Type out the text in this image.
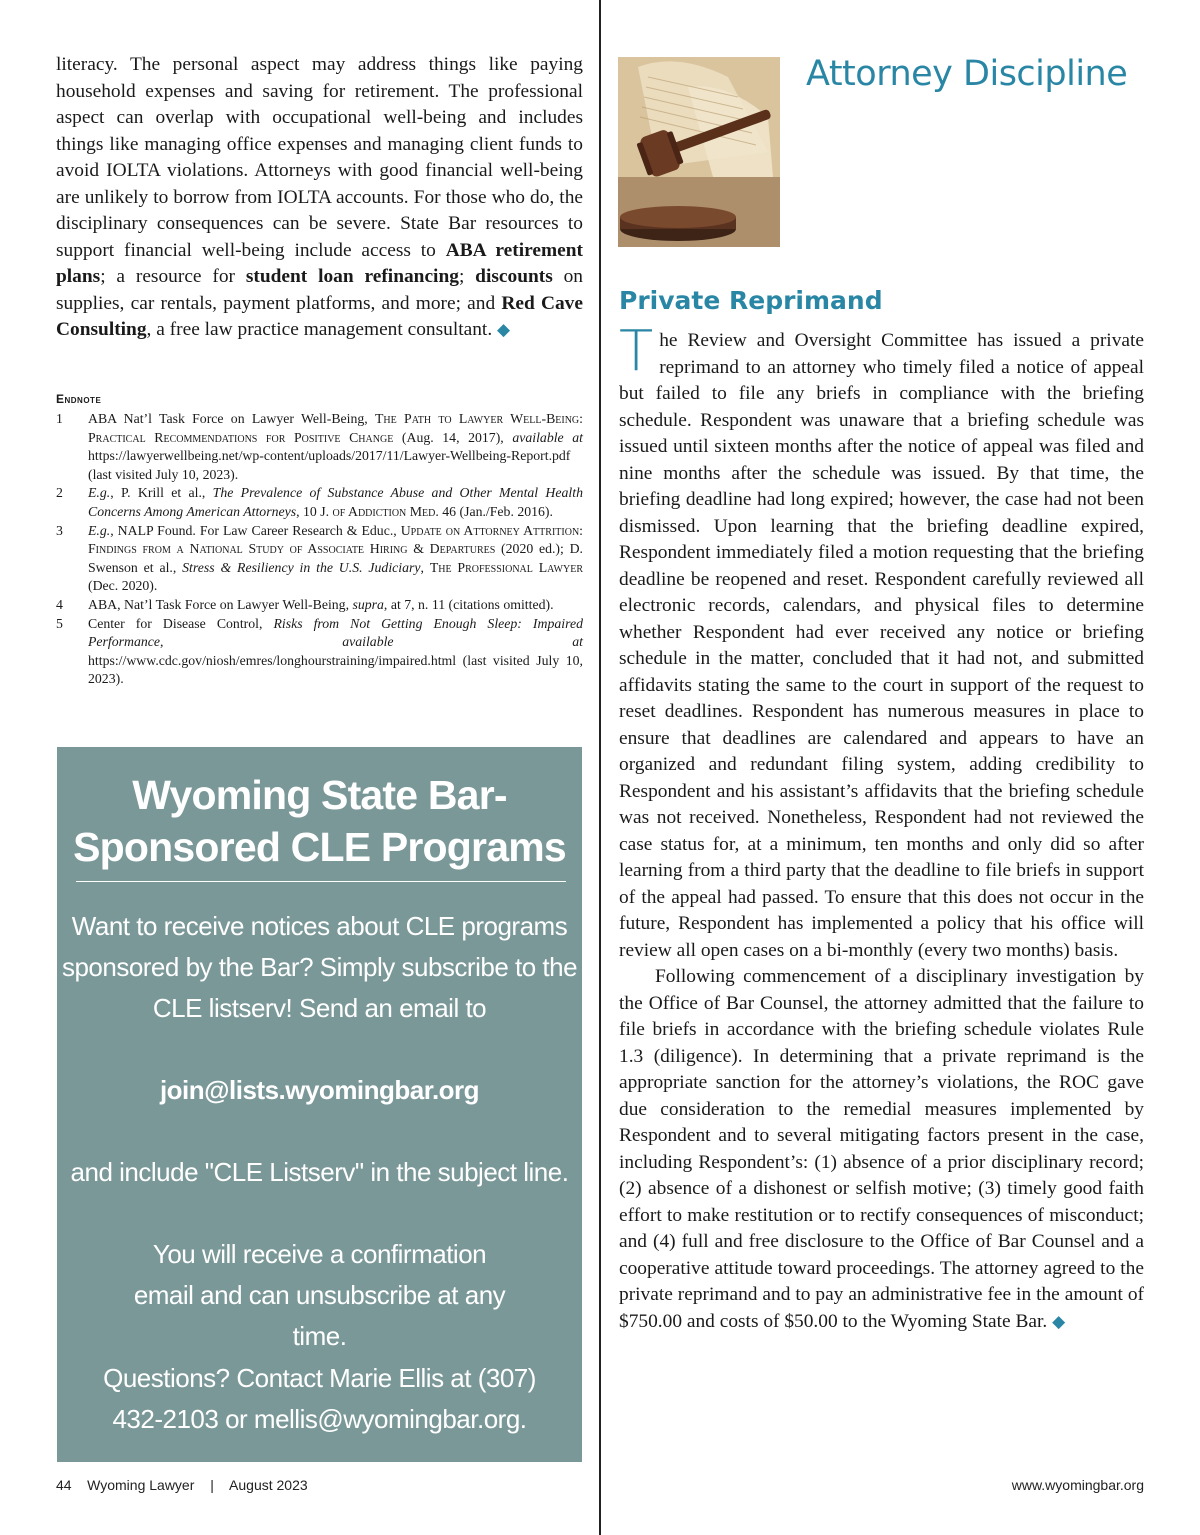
literacy. The personal aspect may address things like paying household expenses and saving for retirement. The professional aspect can overlap with occupational well-being and includes things like managing office expenses and managing client funds to avoid IOLTA violations. Attorneys with good financial well-being are unlikely to borrow from IOLTA accounts. For those who do, the disciplinary consequences can be severe. State Bar resources to support financial well-being include access to ABA retirement plans; a resource for student loan refinancing; discounts on supplies, car rentals, payment platforms, and more; and Red Cave Consulting, a free law practice management consultant. ◆

Endnote

1 ABA Nat’l Task Force on Lawyer Well-Being, The Path to Lawyer Well-Being: Practical Recommendations for Positive Change (Aug. 14, 2017), available at https://lawyerwellbeing.net/wp-content/uploads/2017/11/Lawyer-Wellbeing-Report.pdf (last visited July 10, 2023).
2 E.g., P. Krill et al., The Prevalence of Substance Abuse and Other Mental Health Concerns Among American Attorneys, 10 J. of Addiction Med. 46 (Jan./Feb. 2016).
3 E.g., NALP Found. For Law Career Research & Educ., Update on Attorney Attrition: Findings from a National Study of Associate Hiring & Departures (2020 ed.); D. Swenson et al., Stress & Resiliency in the U.S. Judiciary, The Professional Lawyer (Dec. 2020).
4 ABA, Nat’l Task Force on Lawyer Well-Being, supra, at 7, n. 11 (citations omitted).
5 Center for Disease Control, Risks from Not Getting Enough Sleep: Impaired Performance, available at https://www.cdc.gov/niosh/emres/longhourstraining/impaired.html (last visited July 10, 2023).
Wyoming State Bar-Sponsored CLE Programs

Want to receive notices about CLE programs sponsored by the Bar? Simply subscribe to the CLE listserv! Send an email to

join@lists.wyomingbar.org

and include "CLE Listserv" in the subject line.

You will receive a confirmation email and can unsubscribe at any time.

Questions? Contact Marie Ellis at (307) 432-2103 or mellis@wyomingbar.org.

44 Wyoming Lawyer | August 2023	www.wyomingbar.org
Attorney Discipline
Private Reprimand

The Review and Oversight Committee has issued a private reprimand to an attorney who timely filed a notice of appeal but failed to file any briefs in compliance with the briefing schedule. Respondent was unaware that a briefing schedule was issued until sixteen months after the notice of appeal was filed and nine months after the schedule was issued. By that time, the briefing deadline had long expired; however, the case had not been dismissed. Upon learning that the briefing deadline expired, Respondent immediately filed a motion requesting that the briefing deadline be reopened and reset. Respondent carefully reviewed all electronic records, calendars, and physical files to determine whether Respondent had ever received any notice or briefing schedule in the matter, concluded that it had not, and submitted affidavits stating the same to the court in support of the request to reset deadlines. Respondent has numerous measures in place to ensure that deadlines are calendared and appears to have an organized and redundant filing system, adding credibility to Respondent and his assistant’s affidavits that the briefing schedule was not received. Nonetheless, Respondent had not reviewed the case status for, at a minimum, ten months and only did so after learning from a third party that the deadline to file briefs in support of the appeal had passed. To ensure that this does not occur in the future, Respondent has implemented a policy that his office will review all open cases on a bi-monthly (every two months) basis.

Following commencement of a disciplinary investigation by the Office of Bar Counsel, the attorney admitted that the failure to file briefs in accordance with the briefing schedule violates Rule 1.3 (diligence). In determining that a private reprimand is the appropriate sanction for the attorney’s violations, the ROC gave due consideration to the remedial measures implemented by Respondent and to several mitigating factors present in the case, including Respondent’s: (1) absence of a prior disciplinary record; (2) absence of a dishonest or selfish motive; (3) timely good faith effort to make restitution or to rectify consequences of misconduct; and (4) full and free disclosure to the Office of Bar Counsel and a cooperative attitude toward proceedings. The attorney agreed to the private reprimand and to pay an administrative fee in the amount of $750.00 and costs of $50.00 to the Wyoming State Bar. ◆
